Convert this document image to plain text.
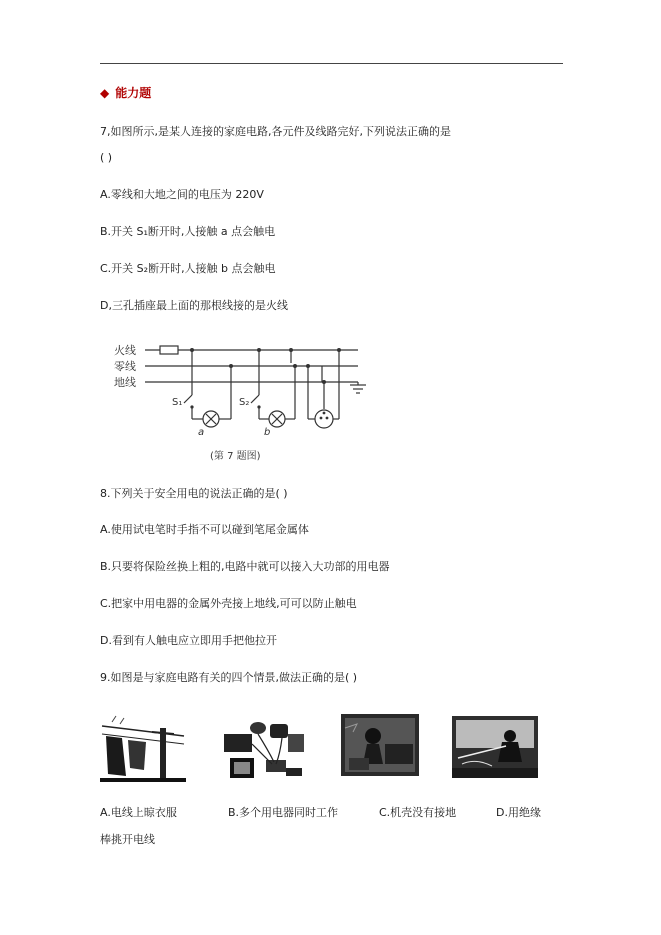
◆ 能力题
7,如图所示,是某人连接的家庭电路,各元件及线路完好,下列说法正确的是
( )
A.零线和大地之间的电压为 220V
B.开关 S₁断开时,人接触 a 点会触电
C.开关 S₂断开时,人接触 b 点会触电
D,三孔插座最上面的那根线接的是火线
火线
零线
地线
S₁	S₂
a	b
(第 7 题图)
8.下列关于安全用电的说法正确的是( )
A.使用试电笔时手指不可以碰到笔尾金属体
B.只要将保险丝换上粗的,电路中就可以接入大功部的用电器
C.把家中用电器的金属外壳接上地线,可可以防止触电
D.看到有人触电应立即用手把他拉开
9.如图是与家庭电路有关的四个情景,做法正确的是( )
A.电线上晾衣服	B.多个用电器同时工作	C.机壳没有接地	D.用绝缘
棒挑开电线
